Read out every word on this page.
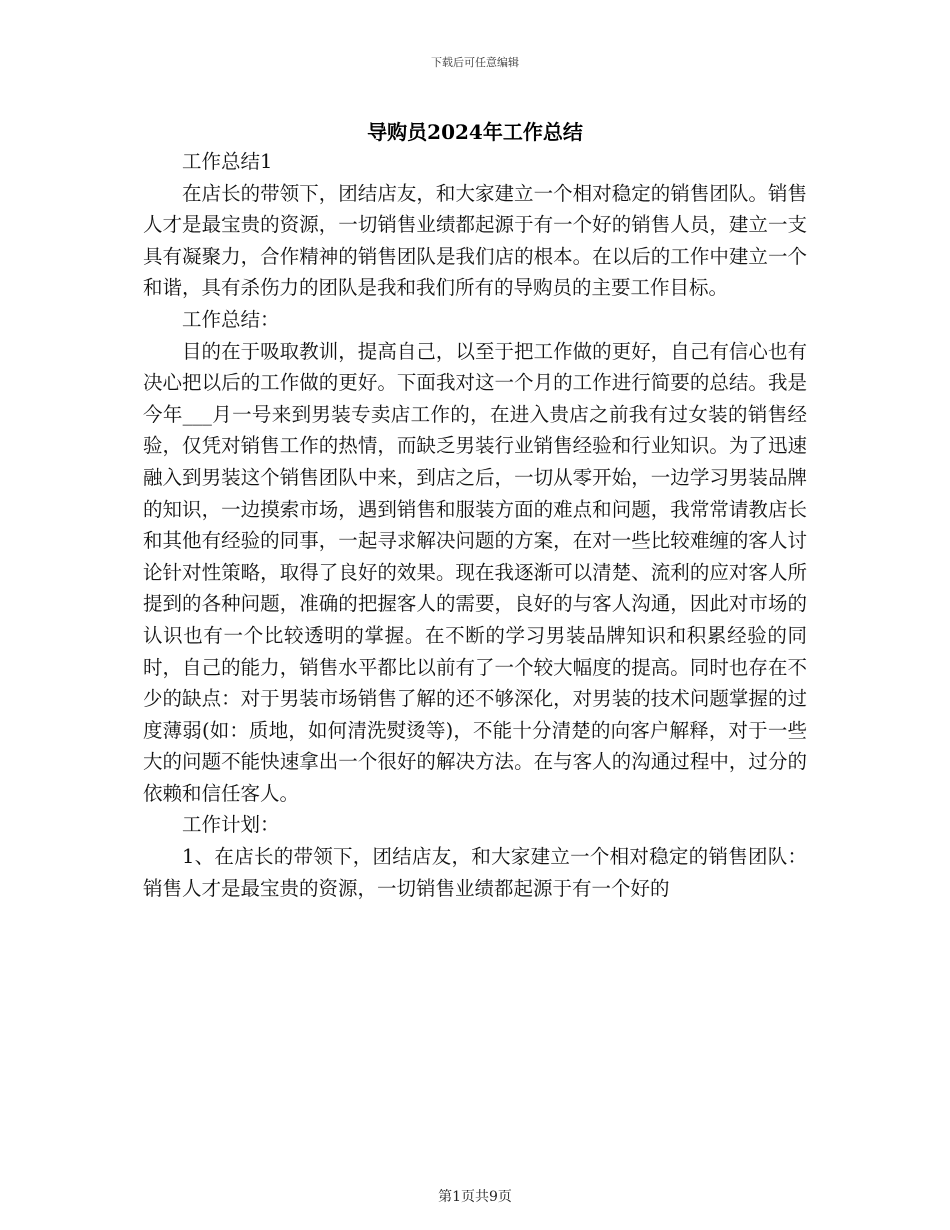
下载后可任意编辑
导购员2024年工作总结

工作总结1

在店长的带领下，团结店友，和大家建立一个相对稳定的销售团队。销售人才是最宝贵的资源，一切销售业绩都起源于有一个好的销售人员，建立一支具有凝聚力，合作精神的销售团队是我们店的根本。在以后的工作中建立一个和谐，具有杀伤力的团队是我和我们所有的导购员的主要工作目标。

工作总结：

目的在于吸取教训，提高自己，以至于把工作做的更好，自己有信心也有决心把以后的工作做的更好。下面我对这一个月的工作进行简要的总结。我是今年___月一号来到男装专卖店工作的，在进入贵店之前我有过女装的销售经验，仅凭对销售工作的热情，而缺乏男装行业销售经验和行业知识。为了迅速融入到男装这个销售团队中来，到店之后，一切从零开始，一边学习男装品牌的知识，一边摸索市场，遇到销售和服装方面的难点和问题，我常常请教店长和其他有经验的同事，一起寻求解决问题的方案，在对一些比较难缠的客人讨论针对性策略，取得了良好的效果。现在我逐渐可以清楚、流利的应对客人所提到的各种问题，准确的把握客人的需要，良好的与客人沟通，因此对市场的认识也有一个比较透明的掌握。在不断的学习男装品牌知识和积累经验的同时，自己的能力，销售水平都比以前有了一个较大幅度的提高。同时也存在不少的缺点：对于男装市场销售了解的还不够深化，对男装的技术问题掌握的过度薄弱(如：质地，如何清洗熨烫等)，不能十分清楚的向客户解释，对于一些大的问题不能快速拿出一个很好的解决方法。在与客人的沟通过程中，过分的依赖和信任客人。

工作计划：

1、在店长的带领下，团结店友，和大家建立一个相对稳定的销售团队：销售人才是最宝贵的资源，一切销售业绩都起源于有一个好的

第1页共9页
